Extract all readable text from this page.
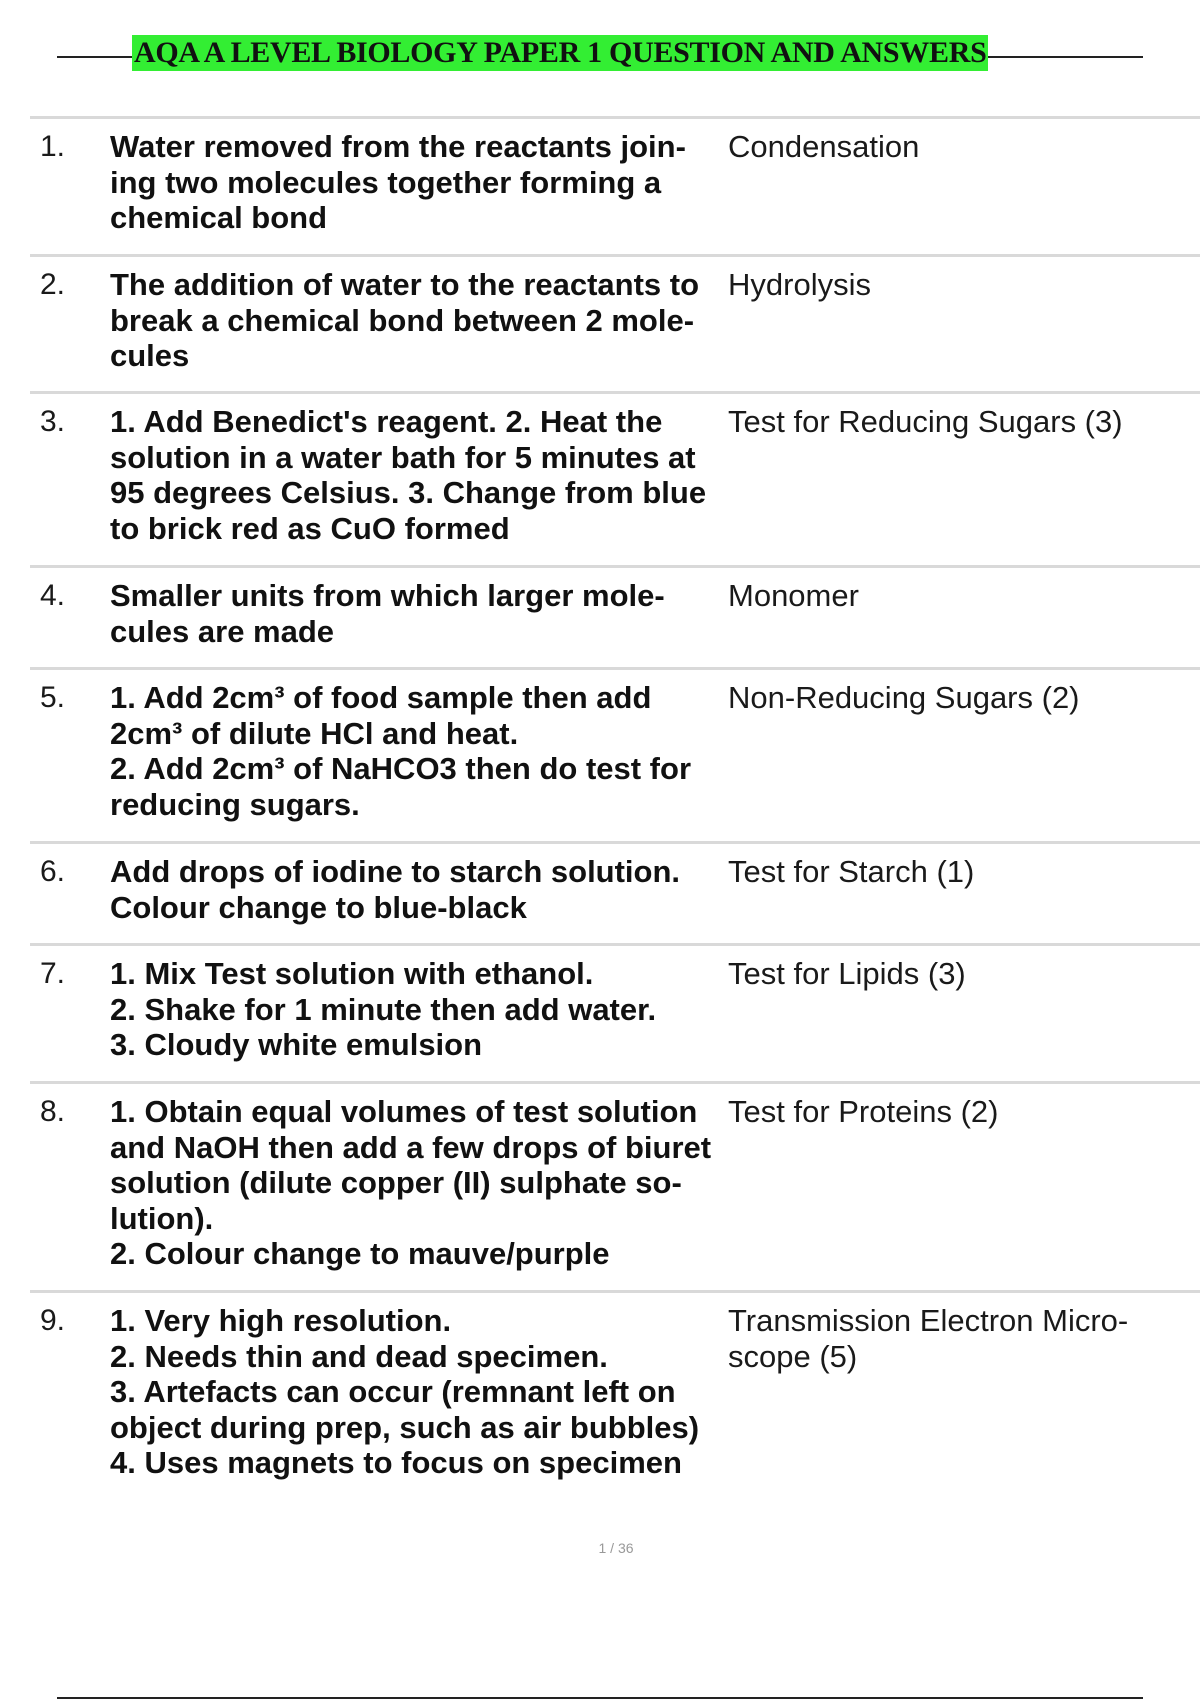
AQA A LEVEL BIOLOGY PAPER 1 QUESTION AND ANSWERS
1. Water removed from the reactants join-
ing two molecules together forming a
chemical bond
Condensation
2. The addition of water to the reactants to
break a chemical bond between 2 mole-
cules
Hydrolysis
3. 1. Add Benedict's reagent. 2. Heat the
solution in a water bath for 5 minutes at
95 degrees Celsius. 3. Change from blue
to brick red as CuO formed
Test for Reducing Sugars (3)
4. Smaller units from which larger mole-
cules are made
Monomer
5. 1. Add 2cm³ of food sample then add
2cm³ of dilute HCl and heat.
2. Add 2cm³ of NaHCO3 then do test for
reducing sugars.
Non-Reducing Sugars (2)
6. Add drops of iodine to starch solution.
Colour change to blue-black
Test for Starch (1)
7. 1. Mix Test solution with ethanol.
2. Shake for 1 minute then add water.
3. Cloudy white emulsion
Test for Lipids (3)
8. 1. Obtain equal volumes of test solution
and NaOH then add a few drops of biuret
solution (dilute copper (II) sulphate so-
lution).
2. Colour change to mauve/purple
Test for Proteins (2)
9. 1. Very high resolution.
2. Needs thin and dead specimen.
3. Artefacts can occur (remnant left on
object during prep, such as air bubbles)
4. Uses magnets to focus on specimen
Transmission Electron Micro-
scope (5)
1 / 36
